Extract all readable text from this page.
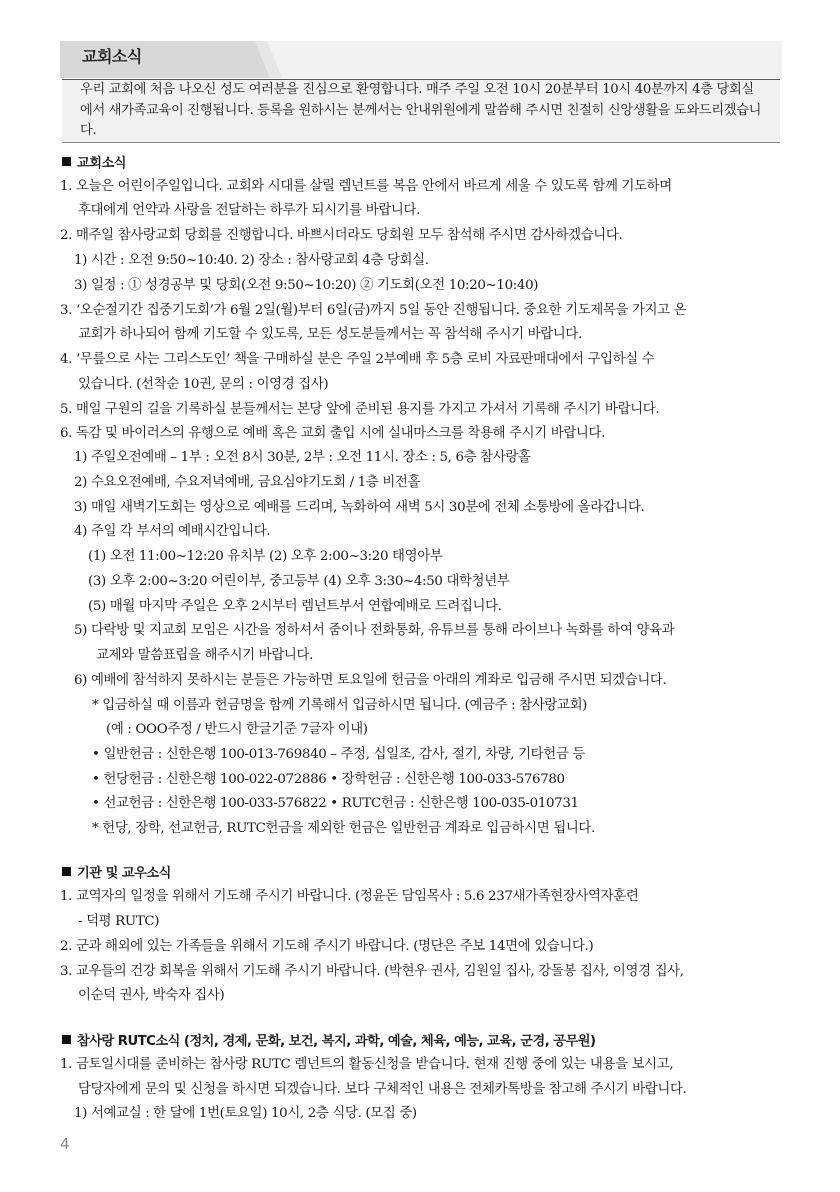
교회소식
우리 교회에 처음 나오신 성도 여러분을 진심으로 환영합니다. 매주 주일 오전 10시 20분부터 10시 40분까지 4층 당회실에서 새가족교육이 진행됩니다. 등록을 원하시는 분께서는 안내위원에게 말씀해 주시면 친절히 신앙생활을 도와드리겠습니다.
교회소식
1. 오늘은 어린이주일입니다. 교회와 시대를 살릴 렘넌트를 복음 안에서 바르게 세울 수 있도록 함께 기도하며
후대에게 언약과 사랑을 전달하는 하루가 되시기를 바랍니다.
2. 매주일 참사랑교회 당회를 진행합니다. 바쁘시더라도 당회원 모두 참석해 주시면 감사하겠습니다.
1) 시간 : 오전 9:50~10:40. 2) 장소 : 참사랑교회 4층 당회실.
3) 일정 : ① 성경공부 및 당회(오전 9:50~10:20) ② 기도회(오전 10:20~10:40)
3. ‘오순절기간 집중기도회’가 6월 2일(월)부터 6일(금)까지 5일 동안 진행됩니다. 중요한 기도제목을 가지고 온
교회가 하나되어 함께 기도할 수 있도록, 모든 성도분들께서는 꼭 참석해 주시기 바랍니다.
4. ‘무릎으로 사는 그리스도인’ 책을 구매하실 분은 주일 2부예배 후 5층 로비 자료판매대에서 구입하실 수
있습니다. (선착순 10권, 문의 : 이영경 집사)
5. 매일 구원의 길을 기록하실 분들께서는 본당 앞에 준비된 용지를 가지고 가셔서 기록해 주시기 바랍니다.
6. 독감 및 바이러스의 유행으로 예배 혹은 교회 출입 시에 실내마스크를 착용해 주시기 바랍니다.
1) 주일오전예배 – 1부 : 오전 8시 30분, 2부 : 오전 11시. 장소 : 5, 6층 참사랑홀
2) 수요오전예배, 수요저녁예배, 금요심야기도회 / 1층 비전홀
3) 매일 새벽기도회는 영상으로 예배를 드리며, 녹화하여 새벽 5시 30분에 전체 소통방에 올라갑니다.
4) 주일 각 부서의 예배시간입니다.
(1) 오전 11:00~12:20 유치부 (2) 오후 2:00~3:20 태영아부
(3) 오후 2:00~3:20 어린이부, 중고등부 (4) 오후 3:30~4:50 대학청년부
(5) 매월 마지막 주일은 오후 2시부터 렘넌트부서 연합예배로 드려집니다.
5) 다락방 및 지교회 모임은 시간을 정하셔서 줌이나 전화통화, 유튜브를 통해 라이브나 녹화를 하여 양육과
교제와 말씀표립을 해주시기 바랍니다.
6) 예배에 참석하지 못하시는 분들은 가능하면 토요일에 헌금을 아래의 계좌로 입금해 주시면 되겠습니다.
* 입금하실 때 이름과 헌금명을 함께 기록해서 입금하시면 됩니다. (예금주 : 참사랑교회)
(예 : OOO주정 / 반드시 한글기준 7글자 이내)
• 일반헌금 : 신한은행 100-013-769840 – 주정, 십일조, 감사, 절기, 차량, 기타헌금 등
• 헌당헌금 : 신한은행 100-022-072886 • 장학헌금 : 신한은행 100-033-576780
• 선교헌금 : 신한은행 100-033-576822 • RUTC헌금 : 신한은행 100-035-010731
* 헌당, 장학, 선교헌금, RUTC헌금을 제외한 헌금은 일반헌금 계좌로 입금하시면 됩니다.
기관 및 교우소식
1. 교역자의 일정을 위해서 기도해 주시기 바랍니다. (정윤돈 담임목사 : 5.6 237새가족현장사역자훈련
- 덕평 RUTC)
2. 군과 해외에 있는 가족들을 위해서 기도해 주시기 바랍니다. (명단은 주보 14면에 있습니다.)
3. 교우들의 건강 회복을 위해서 기도해 주시기 바랍니다. (박현우 권사, 김원일 집사, 강돌봉 집사, 이영경 집사,
이순덕 권사, 박숙자 집사)
참사랑 RUTC소식 (정치, 경제, 문화, 보건, 복지, 과학, 예술, 체육, 예능, 교육, 군경, 공무원)
1. 금토일시대를 준비하는 참사랑 RUTC 렘넌트의 활동신청을 받습니다. 현재 진행 중에 있는 내용을 보시고,
담당자에게 문의 및 신청을 하시면 되겠습니다. 보다 구체적인 내용은 전체카톡방을 참고해 주시기 바랍니다.
1) 서예교실 : 한 달에 1번(토요일) 10시, 2층 식당. (모집 중)
4
